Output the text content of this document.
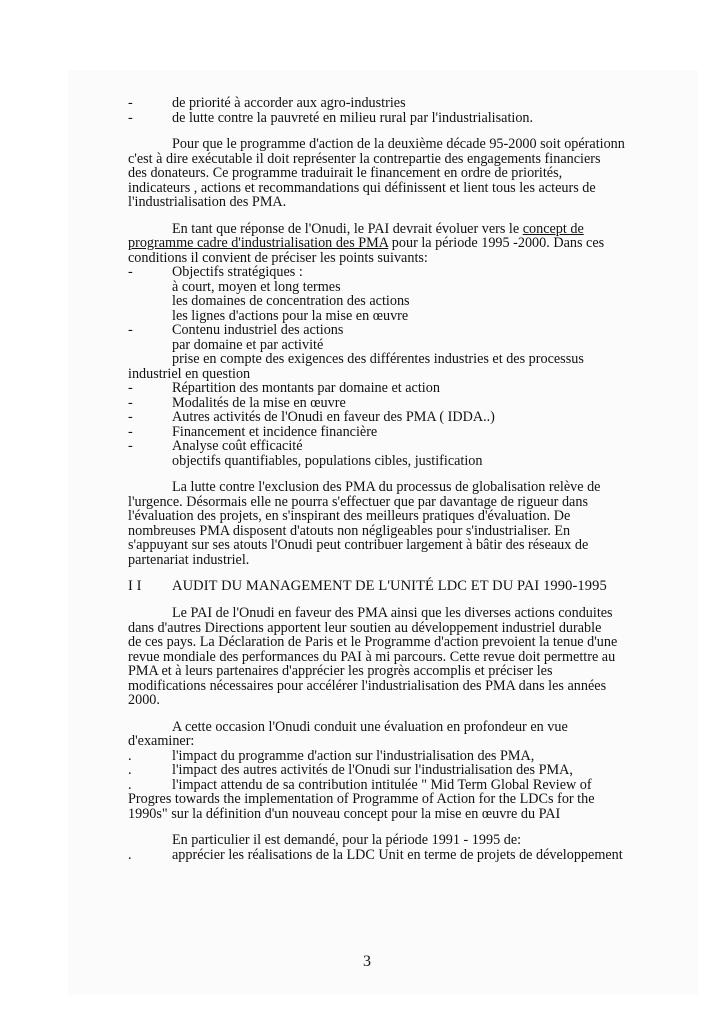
-	de priorité à accorder aux agro-industries
-	de lutte contre la pauvreté en milieu rural par l'industrialisation.
Pour que le programme d'action de la deuxième décade 95-2000 soit opérationn
c'est à dire exécutable il doit représenter la contrepartie des engagements financiers
des donateurs. Ce programme traduirait le financement en ordre de priorités,
indicateurs , actions et recommandations qui définissent et lient tous les acteurs de
l'industrialisation des PMA.
En tant que réponse de l'Onudi, le PAI devrait évoluer vers le concept de
programme cadre d'industrialisation des PMA pour la période 1995 -2000. Dans ces
conditions il convient de préciser les points suivants:
-	Objectifs stratégiques :
à court, moyen et long termes
les domaines de concentration des actions
les lignes d'actions pour la mise en œuvre
-	Contenu industriel des actions
par domaine et par activité
prise en compte des exigences des différentes industries et des processus
industriel en question
-	Répartition des montants par domaine et action
-	Modalités de la mise en œuvre
-	Autres activités de l'Onudi en faveur des PMA ( IDDA..)
-	Financement et incidence financière
-	Analyse coût efficacité
objectifs quantifiables, populations cibles, justification
La lutte contre l'exclusion des PMA du processus de globalisation relève de
l'urgence. Désormais elle ne pourra s'effectuer que par davantage de rigueur dans
l'évaluation des projets, en s'inspirant des meilleurs pratiques d'évaluation. De
nombreuses PMA disposent d'atouts non négligeables pour s'industrialiser. En
s'appuyant sur ses atouts l'Onudi peut contribuer largement à bâtir des réseaux de
partenariat industriel.
I I	AUDIT DU MANAGEMENT DE L'UNITÉ LDC ET DU PAI 1990-1995
Le PAI de l'Onudi en faveur des PMA ainsi que les diverses actions conduites
dans d'autres Directions apportent leur soutien au développement industriel durable
de ces pays. La Déclaration de Paris et le Programme d'action prevoient la tenue d'une
revue mondiale des performances du PAI à mi parcours. Cette revue doit permettre au
PMA et à leurs partenaires d'apprécier les progrès accomplis et préciser les
modifications nécessaires pour accélérer l'industrialisation des PMA dans les années
2000.
A cette occasion l'Onudi conduit une évaluation en profondeur en vue
d'examiner:
.	l'impact du programme d'action sur l'industrialisation des PMA,
.	l'impact des autres activités de l'Onudi sur l'industrialisation des PMA,
.	l'impact attendu de sa contribution intitulée " Mid Term Global Review of
Progres towards the implementation of Programme of Action for the LDCs for the
1990s" sur la définition d'un nouveau concept pour la mise en œuvre du PAI
En particulier il est demandé, pour la période 1991 - 1995 de:
.	apprécier les réalisations de la LDC Unit en terme de projets de développement
3
